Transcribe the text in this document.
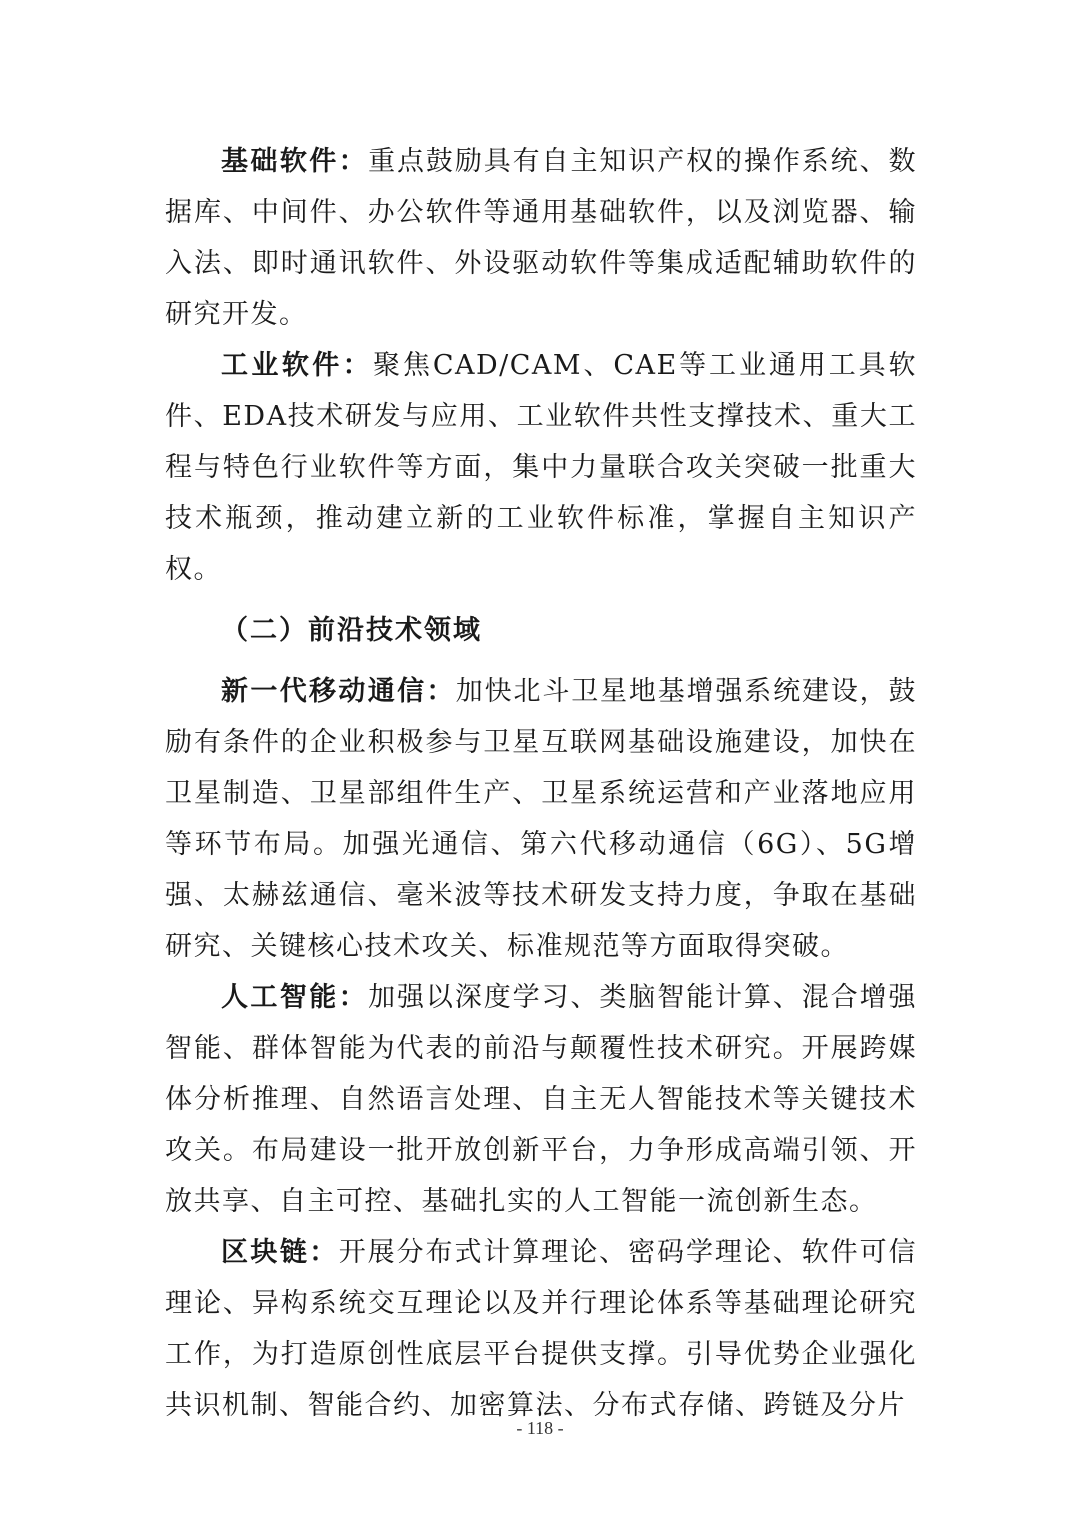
基础软件：重点鼓励具有自主知识产权的操作系统、数据库、中间件、办公软件等通用基础软件，以及浏览器、输入法、即时通讯软件、外设驱动软件等集成适配辅助软件的研究开发。

工业软件：聚焦CAD/CAM、CAE等工业通用工具软件、EDA技术研发与应用、工业软件共性支撑技术、重大工程与特色行业软件等方面，集中力量联合攻关突破一批重大技术瓶颈，推动建立新的工业软件标准，掌握自主知识产权。

（二）前沿技术领域

新一代移动通信：加快北斗卫星地基增强系统建设，鼓励有条件的企业积极参与卫星互联网基础设施建设，加快在卫星制造、卫星部组件生产、卫星系统运营和产业落地应用等环节布局。加强光通信、第六代移动通信（6G）、5G增强、太赫兹通信、毫米波等技术研发支持力度，争取在基础研究、关键核心技术攻关、标准规范等方面取得突破。

人工智能：加强以深度学习、类脑智能计算、混合增强智能、群体智能为代表的前沿与颠覆性技术研究。开展跨媒体分析推理、自然语言处理、自主无人智能技术等关键技术攻关。布局建设一批开放创新平台，力争形成高端引领、开放共享、自主可控、基础扎实的人工智能一流创新生态。

区块链：开展分布式计算理论、密码学理论、软件可信理论、异构系统交互理论以及并行理论体系等基础理论研究工作，为打造原创性底层平台提供支撑。引导优势企业强化共识机制、智能合约、加密算法、分布式存储、跨链及分片

- 118 -
